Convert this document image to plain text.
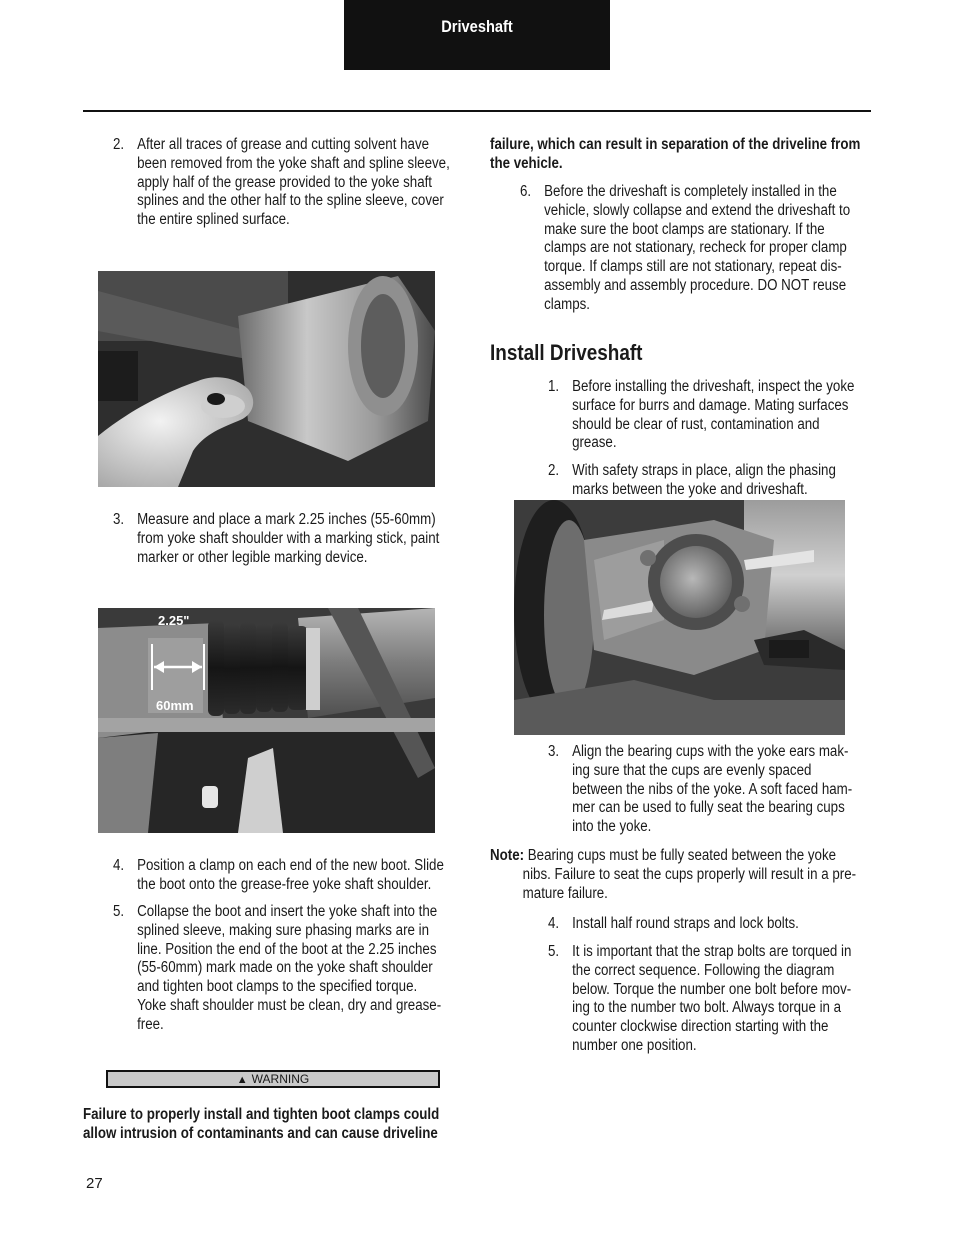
Driveshaft
2. After all traces of grease and cutting solvent have
been removed from the yoke shaft and spline sleeve,
apply half of the grease provided to the yoke shaft
splines and the other half to the spline sleeve, cover
the entire splined surface.
3. Measure and place a mark 2.25 inches (55-60mm)
from yoke shaft shoulder with a marking stick, paint
marker or other legible marking device.
2.25"
60mm
4. Position a clamp on each end of the new boot. Slide
the boot onto the grease-free yoke shaft shoulder.
5. Collapse the boot and insert the yoke shaft into the
splined sleeve, making sure phasing marks are in
line. Position the end of the boot at the 2.25 inches
(55-60mm) mark made on the yoke shaft shoulder
and tighten boot clamps to the specified torque.
Yoke shaft shoulder must be clean, dry and grease-
free.
▲ WARNING
Failure to properly install and tighten boot clamps could
allow intrusion of contaminants and can cause driveline
failure, which can result in separation of the driveline from
the vehicle.
6. Before the driveshaft is completely installed in the
vehicle, slowly collapse and extend the driveshaft to
make sure the boot clamps are stationary. If the
clamps are not stationary, recheck for proper clamp
torque. If clamps still are not stationary, repeat dis-
assembly and assembly procedure. DO NOT reuse
clamps.
Install Driveshaft
1. Before installing the driveshaft, inspect the yoke
surface for burrs and damage. Mating surfaces
should be clear of rust, contamination and
grease.
2. With safety straps in place, align the phasing
marks between the yoke and driveshaft.
3. Align the bearing cups with the yoke ears mak-
ing sure that the cups are evenly spaced
between the nibs of the yoke. A soft faced ham-
mer can be used to fully seat the bearing cups
into the yoke.
Note: Bearing cups must be fully seated between the yoke
nibs. Failure to seat the cups properly will result in a pre-
mature failure.
4. Install half round straps and lock bolts.
5. It is important that the strap bolts are torqued in
the correct sequence. Following the diagram
below. Torque the number one bolt before mov-
ing to the number two bolt. Always torque in a
counter clockwise direction starting with the
number one position.
27
